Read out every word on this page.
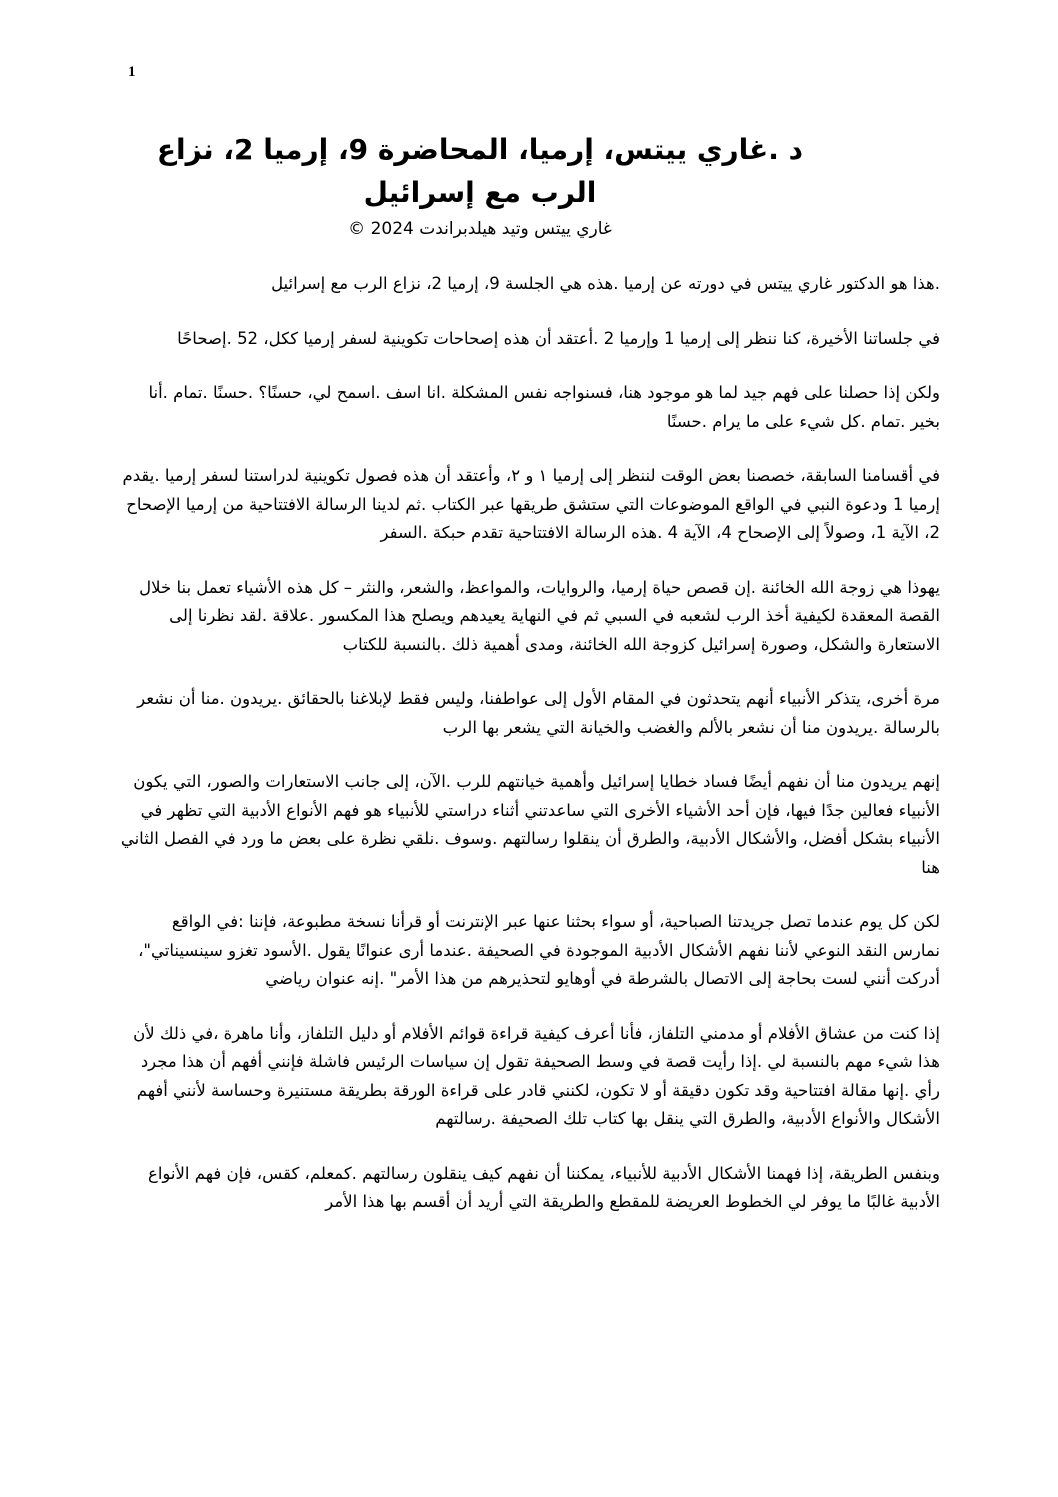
1
د .غاري ييتس، إرميا، المحاضرة 9، إرميا 2، نزاع الرب مع إسرائيل

غاري ييتس وتيد هيلدبراندت 2024 ©

.هذا هو الدكتور غاري ييتس في دورته عن إرميا .هذه هي الجلسة 9، إرميا 2، نزاع الرب مع إسرائيل

في جلساتنا الأخيرة، كنا ننظر إلى إرميا 1 وإرميا 2 .أعتقد أن هذه إصحاحات تكوينية لسفر إرميا ككل، 52 .إصحاحًا

ولكن إذا حصلنا على فهم جيد لما هو موجود هنا، فسنواجه نفس المشكلة .انا اسف .اسمح لي، حسنًا؟ .حسنًا .تمام .أنا بخير .تمام .كل شيء على ما يرام .حسنًا

في أقسامنا السابقة، خصصنا بعض الوقت لننظر إلى إرميا ١ و ٢، وأعتقد أن هذه فصول تكوينية لدراستنا لسفر إرميا .يقدم إرميا 1 ودعوة النبي في الواقع الموضوعات التي ستشق طريقها عبر الكتاب .ثم لدينا الرسالة الافتتاحية من إرميا الإصحاح 2، الآية 1، وصولاً إلى الإصحاح 4، الآية 4 .هذه الرسالة الافتتاحية تقدم حبكة .السفر

يهوذا هي زوجة الله الخائنة .إن قصص حياة إرميا، والروايات، والمواعظ، والشعر، والنثر – كل هذه الأشياء تعمل بنا خلال القصة المعقدة لكيفية أخذ الرب لشعبه في السبي ثم في النهاية يعيدهم ويصلح هذا المكسور .علاقة .لقد نظرنا إلى الاستعارة والشكل، وصورة إسرائيل كزوجة الله الخائنة، ومدى أهمية ذلك .بالنسبة للكتاب

مرة أخرى، يتذكر الأنبياء أنهم يتحدثون في المقام الأول إلى عواطفنا، وليس فقط لإبلاغنا بالحقائق .يريدون .منا أن نشعر بالرسالة .يريدون منا أن نشعر بالألم والغضب والخيانة التي يشعر بها الرب

إنهم يريدون منا أن نفهم أيضًا فساد خطايا إسرائيل وأهمية خيانتهم للرب .الآن، إلى جانب الاستعارات والصور، التي يكون الأنبياء فعالين جدًا فيها، فإن أحد الأشياء الأخرى التي ساعدتني أثناء دراستي للأنبياء هو فهم الأنواع الأدبية التي تظهر في الأنبياء بشكل أفضل، والأشكال الأدبية، والطرق أن ينقلوا رسالتهم .وسوف .نلقي نظرة على بعض ما ورد في الفصل الثاني هنا

لكن كل يوم عندما تصل جريدتنا الصباحية، أو سواء بحثنا عنها عبر الإنترنت أو قرأنا نسخة مطبوعة، فإننا :في الواقع نمارس النقد النوعي لأننا نفهم الأشكال الأدبية الموجودة في الصحيفة .عندما أرى عنوانًا يقول .الأسود تغزو سينسيناتي"، أدركت أنني لست بحاجة إلى الاتصال بالشرطة في أوهايو لتحذيرهم من هذا الأمر" .إنه عنوان رياضي

إذا كنت من عشاق الأفلام أو مدمني التلفاز، فأنا أعرف كيفية قراءة قوائم الأفلام أو دليل التلفاز، وأنا ماهرة ،في ذلك لأن هذا شيء مهم بالنسبة لي .إذا رأيت قصة في وسط الصحيفة تقول إن سياسات الرئيس فاشلة فإنني أفهم أن هذا مجرد رأي .إنها مقالة افتتاحية وقد تكون دقيقة أو لا تكون، لكنني قادر على قراءة الورقة بطريقة مستنيرة وحساسة لأنني أفهم الأشكال والأنواع الأدبية، والطرق التي ينقل بها كتاب تلك الصحيفة .رسالتهم

وبنفس الطريقة، إذا فهمنا الأشكال الأدبية للأنبياء، يمكننا أن نفهم كيف ينقلون رسالتهم .كمعلم، كقس، فإن فهم الأنواع الأدبية غالبًا ما يوفر لي الخطوط العريضة للمقطع والطريقة التي أريد أن أقسم بها هذا الأمر
